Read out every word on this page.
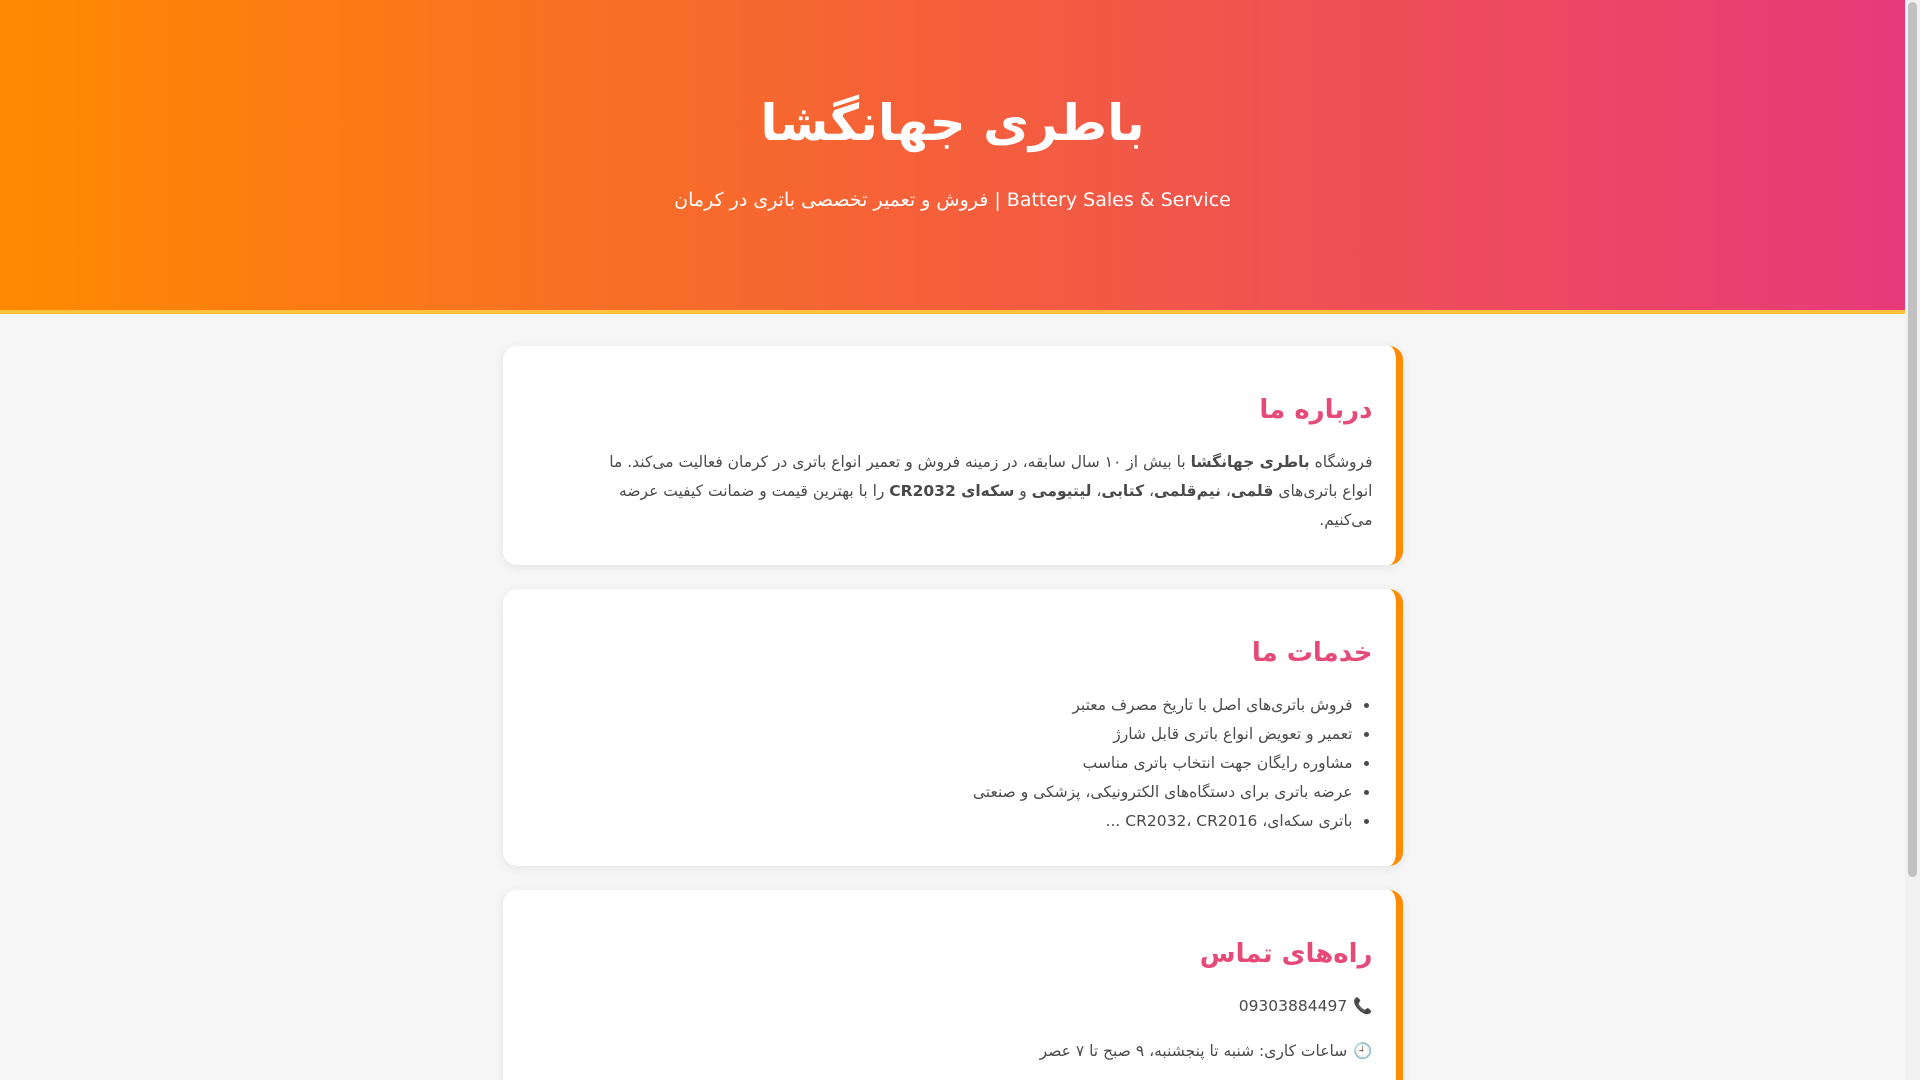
باطری جهانگشا

فروش و تعمیر تخصصی باتری در کرمان | Battery Sales & Service

درباره ما

فروشگاه باطری جهانگشا با بیش از ۱۰ سال سابقه، در زمینه فروش و تعمیر انواع باتری در کرمان فعالیت می‌کند. ما انواع باتری‌های قلمی، نیم‌قلمی، کتابی، لیتیومی و سکه‌ای CR2032 را با بهترین قیمت و ضمانت کیفیت عرضه می‌کنیم.

خدمات ما
• فروش باتری‌های اصل با تاریخ مصرف معتبر
• تعمیر و تعویض انواع باتری قابل شارژ
• مشاوره رایگان جهت انتخاب باتری مناسب
• عرضه باتری برای دستگاه‌های الکترونیکی، پزشکی و صنعتی
• باتری سکه‌ای، CR2032، CR2016 ...
راه‌های تماس

📞09303884497

🕘ساعات کاری: شنبه تا پنجشنبه، ۹ صبح تا ۷ عصر
